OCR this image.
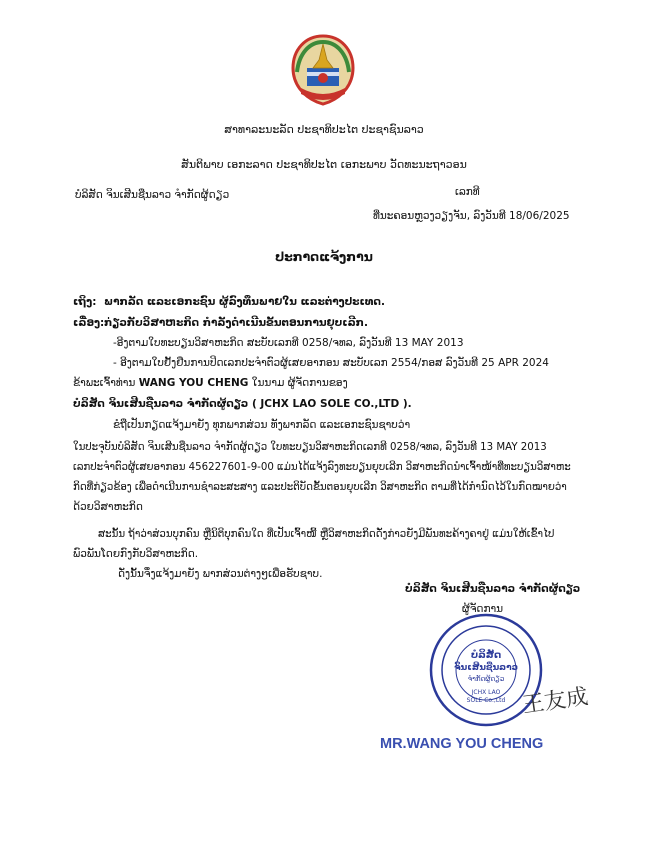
ສາທາລະນະລັດ ປະຊາທິປະໄຕ ປະຊາຊົນລາວ
ສັນຕິພາບ ເອກະລາດ ປະຊາທິປະໄຕ ເອກະພາບ ວັດທະນະຖາວອນ
ບໍລິສັດ ຈິນເສີນຊືນລາວ ຈຳກັດຜູ້ດຽວ	ເລກທີ
ທີ່ນະຄອນຫຼວງວຽງຈັນ, ລົງວັນທີ 18/06/2025
ປະກາດແຈ້ງການ
ເຖິງ: ພາກລັດ ແລະເອກະຊົນ ຜູ້ລົງທຶນພາຍໃນ ແລະຕ່າງປະເທດ.
ເລື່ອງ: ກ່ຽວກັບວິສາຫະກິດ ກຳລັງດຳເນີນຂັ້ນຕອນການຍຸບເລີກ.
-ອີງຕາມໃບທະບຽນວິສາຫະກິດ ສະບັບເລກທີ 0258/ຈທລ, ລົງວັນທີ 13 MAY 2013
- ອີງຕາມໃບຢັ້ງຢືນການປິດເລກປະຈຳຕົວຜູ້ເສຍອາກອນ ສະບັບເລກ 2554/ກອສ ລົງວັນທີ 25 APR 2024
ຂ້າພະເຈົ້າທ່ານ WANG YOU CHENG ໃນນາມ ຜູ້ຈັດການຂອງ
ບໍລິສັດ ຈິນເສີນຊືນລາວ ຈຳກັດຜູ້ດຽວ ( JCHX LAO SOLE CO.,LTD ).
ຂໍຖືເປັນກຽດແຈ້ງມາຍັງ ທຸກພາກສ່ວນ ທັງພາກລັດ ແລະເອກະຊົນຊາບວ່າ
ໃນປະຈຸບັນບໍລິສັດ ຈິນເສີນຊືນລາວ ຈຳກັດຜູ້ດຽວ ໃບທະບຽນວິສາຫະກິດເລກທີ 0258/ຈທລ, ລົງວັນທີ 13 MAY 2013
ເລກປະຈຳຕົວຜູ້ເສຍອາກອນ 456227601-9-00 ແມ່ນໄດ້ແຈ້ງລົງທະບຽນຍຸບເລີກ ວິສາຫະກິດນຳເຈົ້າໜ້າທີ່ທະບຽນວິສາຫະ
ກິດທີ່ກ່ຽວຂ້ອງ ເພື່ອດຳເນີນການຊຳລະສະສາງ ແລະປະຕິບັດຂັ້ນຕອນຍຸບເລີກ ວິສາຫະກິດ ຕາມທີ່ໄດ້ກຳນົດໄວ້ໃນກົດໝາຍວ່າ
ດ້ວຍວິສາຫະກິດ
ສະນັ້ນ ຖ້າວ່າສ່ວນບຸກຄົນ ຫຼືນິຕິບຸກຄົນໃດ ທີ່ເປັນເຈົ້າໜີ້ ຫຼືວິສາຫະກິດດັ່ງກ່າວຍັງມີພັນທະຄ້າງຄາຢູ່ ແມ່ນໃຫ້ເຂົ້າໄປ
ພົວພັນໂດຍກົງກັບວິສາຫະກິດ.
ດັ່ງນັ້ນຈຶ່ງແຈ້ງມາຍັງ ພາກສ່ວນຕ່າງໆເພື່ອຮັບຊາບ.
ບໍລິສັດ ຈິນເສີນຊືນລາວ ຈຳກັດຜູ້ດຽວ
ຜູ້ຈັດການ
ບໍລິສັດ
ຈິນເສີນຊືນລາວ
ຈຳກັດຜູ້ດຽວ
JCHX LAO
SOLE Co.,Ltd 王友成
MR.WANG YOU CHENG
